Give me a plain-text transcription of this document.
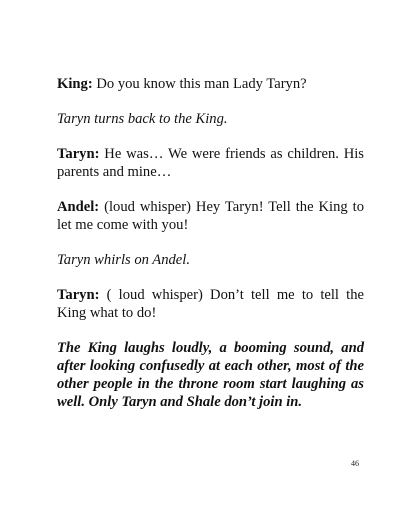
King: Do you know this man Lady Taryn?

Taryn turns back to the King.

Taryn: He was… We were friends as children. His parents and mine…

Andel: (loud whisper) Hey Taryn! Tell the King to let me come with you!

Taryn whirls on Andel.

Taryn: ( loud whisper) Don’t tell me to tell the King what to do!

The King laughs loudly, a booming sound, and after looking confusedly at each other, most of the other people in the throne room start laughing as well. Only Taryn and Shale don’t join in.

46
